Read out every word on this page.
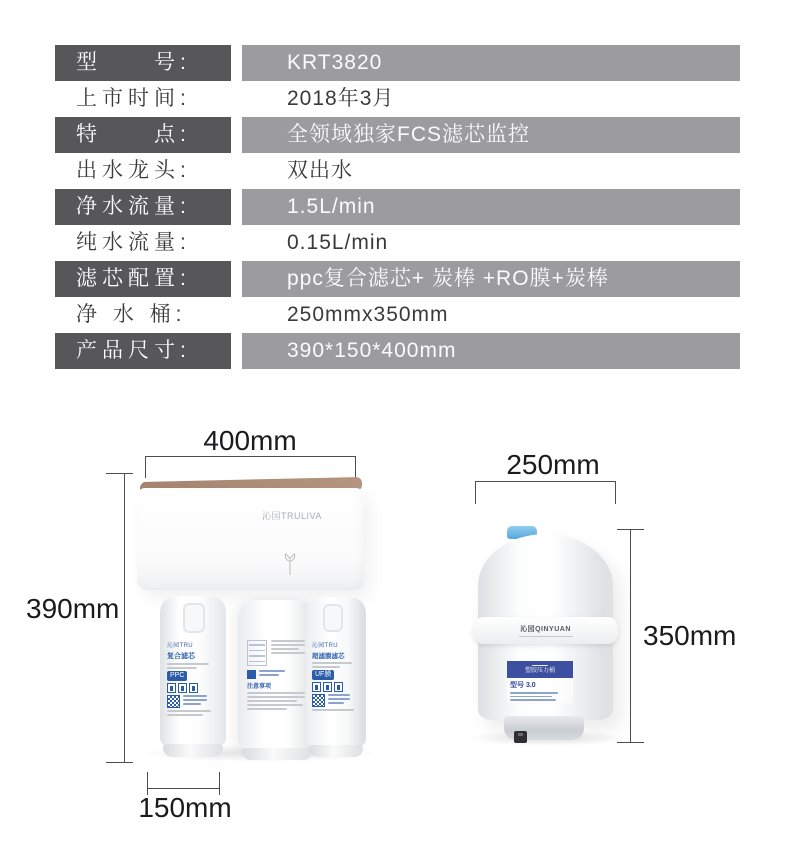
型　　号:	KRT3820
上市时间:	2018年3月
特　　点:	全领域独家FCS滤芯监控
出水龙头:	双出水
净水流量:	1.5L/min
纯水流量:	0.15L/min
滤芯配置:	ppc复合滤芯+ 炭棒 +RO膜+炭棒
净 水 桶:	250mmx350mm
产品尺寸:	390*150*400mm
400mm
390mm
150mm
沁园TRULIVA
沁园TRU
复合滤芯
PPC
注意事项
沁园TRU
超滤膜滤芯
UF膜
250mm
350mm
沁园QINYUAN
塑胶压力桶
型号 3.0
